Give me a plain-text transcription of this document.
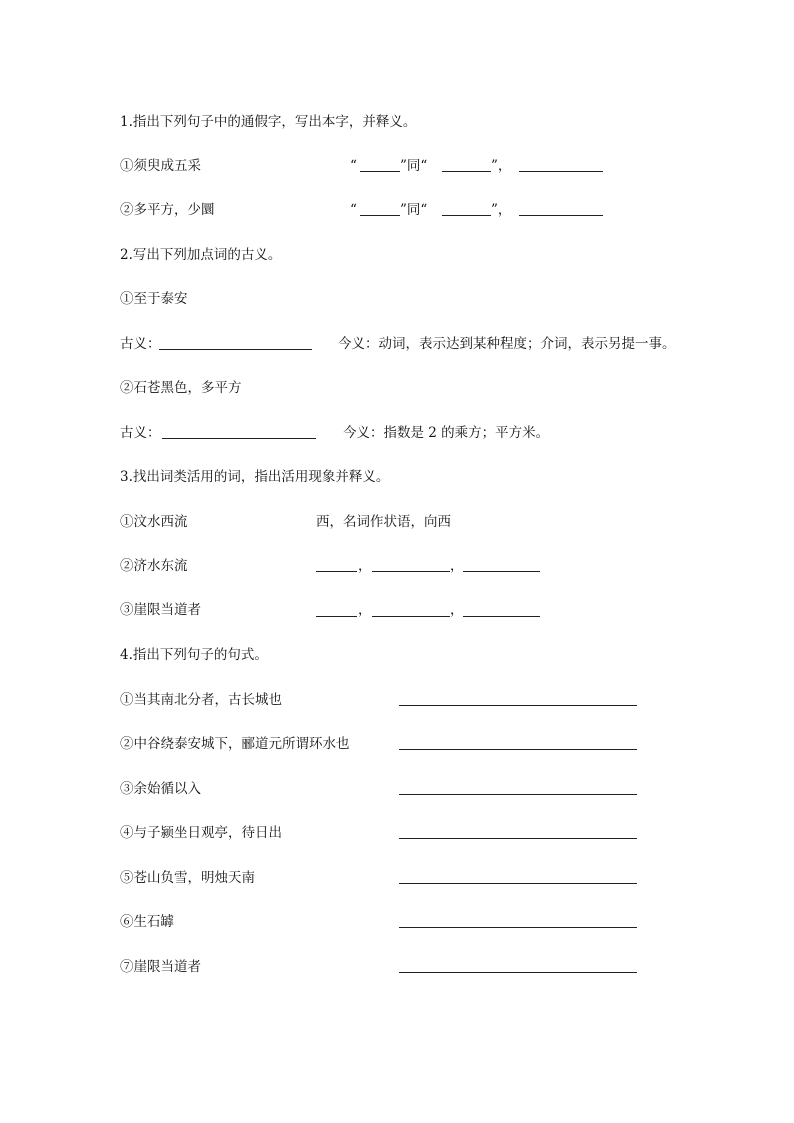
1.指出下列句子中的通假字，写出本字，并释义。
①须臾成五采	“	”同“	”，
②多平方，少圜	“	”同“	”，
2.写出下列加点词的古义。
①至于泰安
古义：	今义：动词，表示达到某种程度；介词，表示另提一事。
②石苍黑色，多平方
古义：	今义：指数是 2 的乘方；平方米。
3.找出词类活用的词，指出活用现象并释义。
①汶水西流	西，名词作状语，向西
②济水东流	，	，
③崖限当道者	，	，
4.指出下列句子的句式。
①当其南北分者，古长城也
②中谷绕泰安城下，郦道元所谓环水也
③余始循以入
④与子颍坐日观亭，待日出
⑤苍山负雪，明烛天南
⑥生石罅
⑦崖限当道者
